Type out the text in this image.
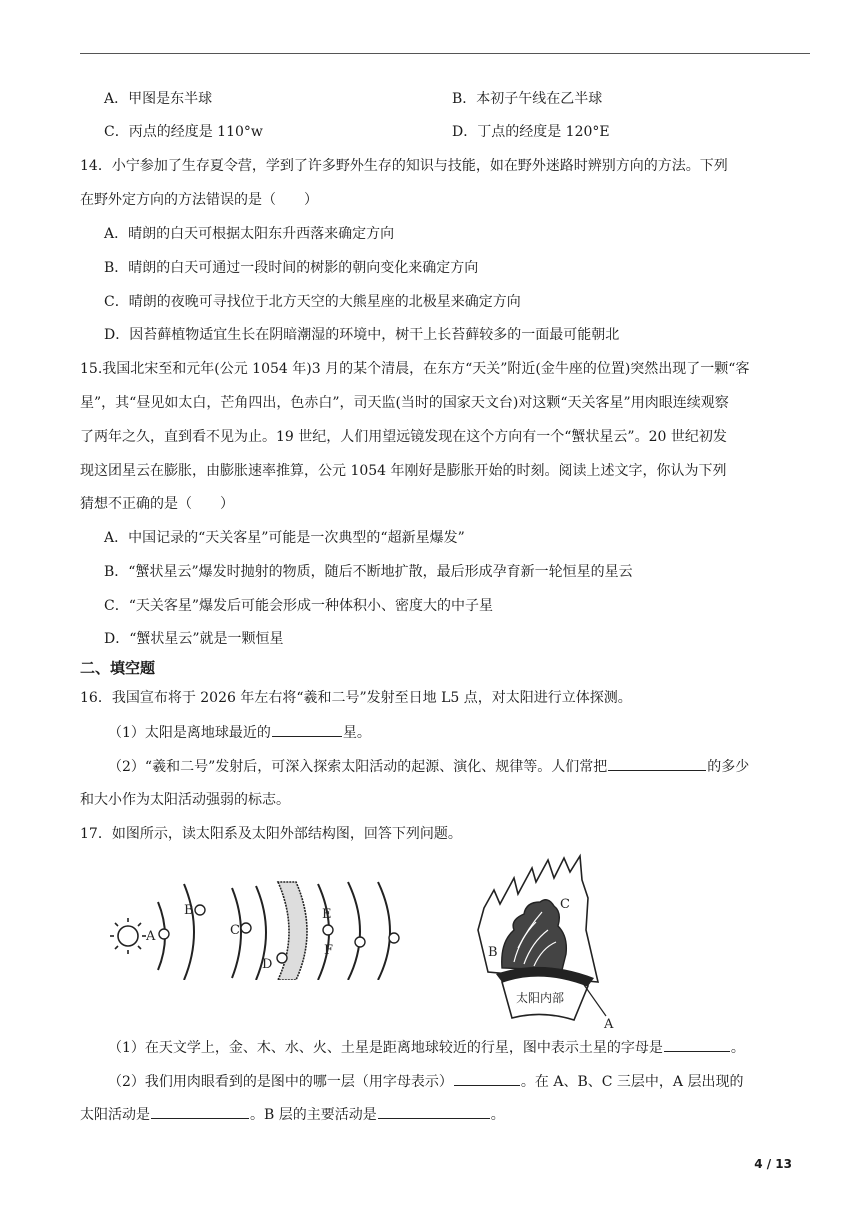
A．甲图是东半球	B．本初子午线在乙半球
C．丙点的经度是 110°w	D．丁点的经度是 120°E
14．小宁参加了生存夏令营，学到了许多野外生存的知识与技能，如在野外迷路时辨别方向的方法。下列
在野外定方向的方法错误的是（　　）
A．晴朗的白天可根据太阳东升西落来确定方向
B．晴朗的白天可通过一段时间的树影的朝向变化来确定方向
C．晴朗的夜晚可寻找位于北方天空的大熊星座的北极星来确定方向
D．因苔藓植物适宜生长在阴暗潮湿的环境中，树干上长苔藓较多的一面最可能朝北
15.我国北宋至和元年(公元 1054 年)3 月的某个清晨，在东方“天关”附近(金牛座的位置)突然出现了一颗“客
星”，其“昼见如太白，芒角四出，色赤白”，司天监(当时的国家天文台)对这颗“天关客星”用肉眼连续观察
了两年之久，直到看不见为止。19 世纪，人们用望远镜发现在这个方向有一个“蟹状星云”。20 世纪初发
现这团星云在膨胀，由膨胀速率推算，公元 1054 年刚好是膨胀开始的时刻。阅读上述文字，你认为下列
猜想不正确的是（　　）
A．中国记录的“天关客星”可能是一次典型的“超新星爆发”
B．“蟹状星云”爆发时抛射的物质，随后不断地扩散，最后形成孕育新一轮恒星的星云
C．“天关客星”爆发后可能会形成一种体积小、密度大的中子星
D．“蟹状星云”就是一颗恒星
二、填空题
16．我国宣布将于 2026 年左右将“羲和二号”发射至日地 L5 点，对太阳进行立体探测。
（1）太阳是离地球最近的	星。
（2）“羲和二号”发射后，可深入探索太阳活动的起源、演化、规律等。人们常把	的多少
和大小作为太阳活动强弱的标志。
17．如图所示，读太阳系及太阳外部结构图，回答下列问题。
A
B
C
D
E
F
太阳内部
C
B
A
（1）在天文学上，金、木、水、火、土星是距离地球较近的行星，图中表示土星的字母是	。
（2）我们用肉眼看到的是图中的哪一层（用字母表示）	。在 A、B、C 三层中，A 层出现的
太阳活动是	。B 层的主要活动是	。
4 / 13
